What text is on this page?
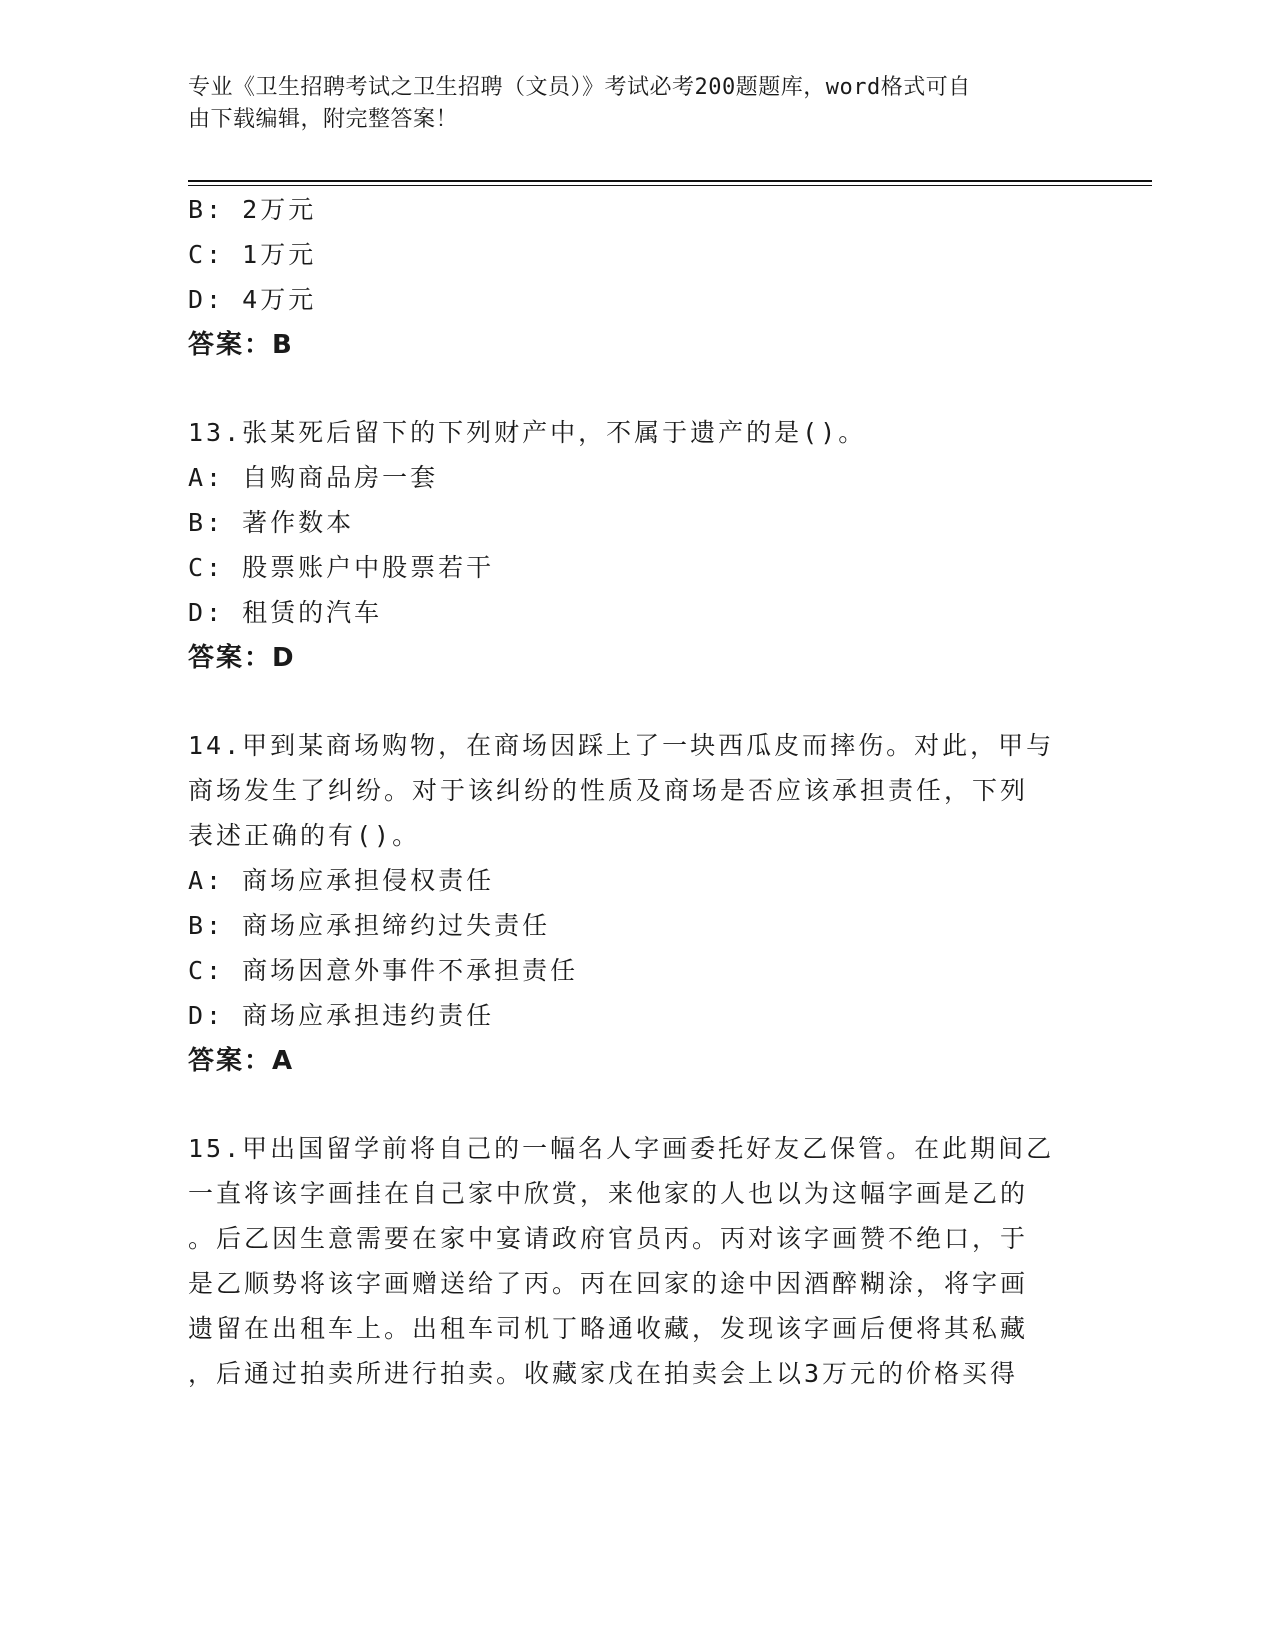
专业《卫生招聘考试之卫生招聘（文员）》考试必考200题题库，word格式可自
由下载编辑，附完整答案！
B: 2万元
C: 1万元
D: 4万元
答案：B
13.张某死后留下的下列财产中，不属于遗产的是()。
A: 自购商品房一套
B: 著作数本
C: 股票账户中股票若干
D: 租赁的汽车
答案：D
14.甲到某商场购物，在商场因踩上了一块西瓜皮而摔伤。对此，甲与
商场发生了纠纷。对于该纠纷的性质及商场是否应该承担责任，下列
表述正确的有()。
A: 商场应承担侵权责任
B: 商场应承担缔约过失责任
C: 商场因意外事件不承担责任
D: 商场应承担违约责任
答案：A
15.甲出国留学前将自己的一幅名人字画委托好友乙保管。在此期间乙
一直将该字画挂在自己家中欣赏，来他家的人也以为这幅字画是乙的
。后乙因生意需要在家中宴请政府官员丙。丙对该字画赞不绝口，于
是乙顺势将该字画赠送给了丙。丙在回家的途中因酒醉糊涂，将字画
遗留在出租车上。出租车司机丁略通收藏，发现该字画后便将其私藏
，后通过拍卖所进行拍卖。收藏家戊在拍卖会上以3万元的价格买得
